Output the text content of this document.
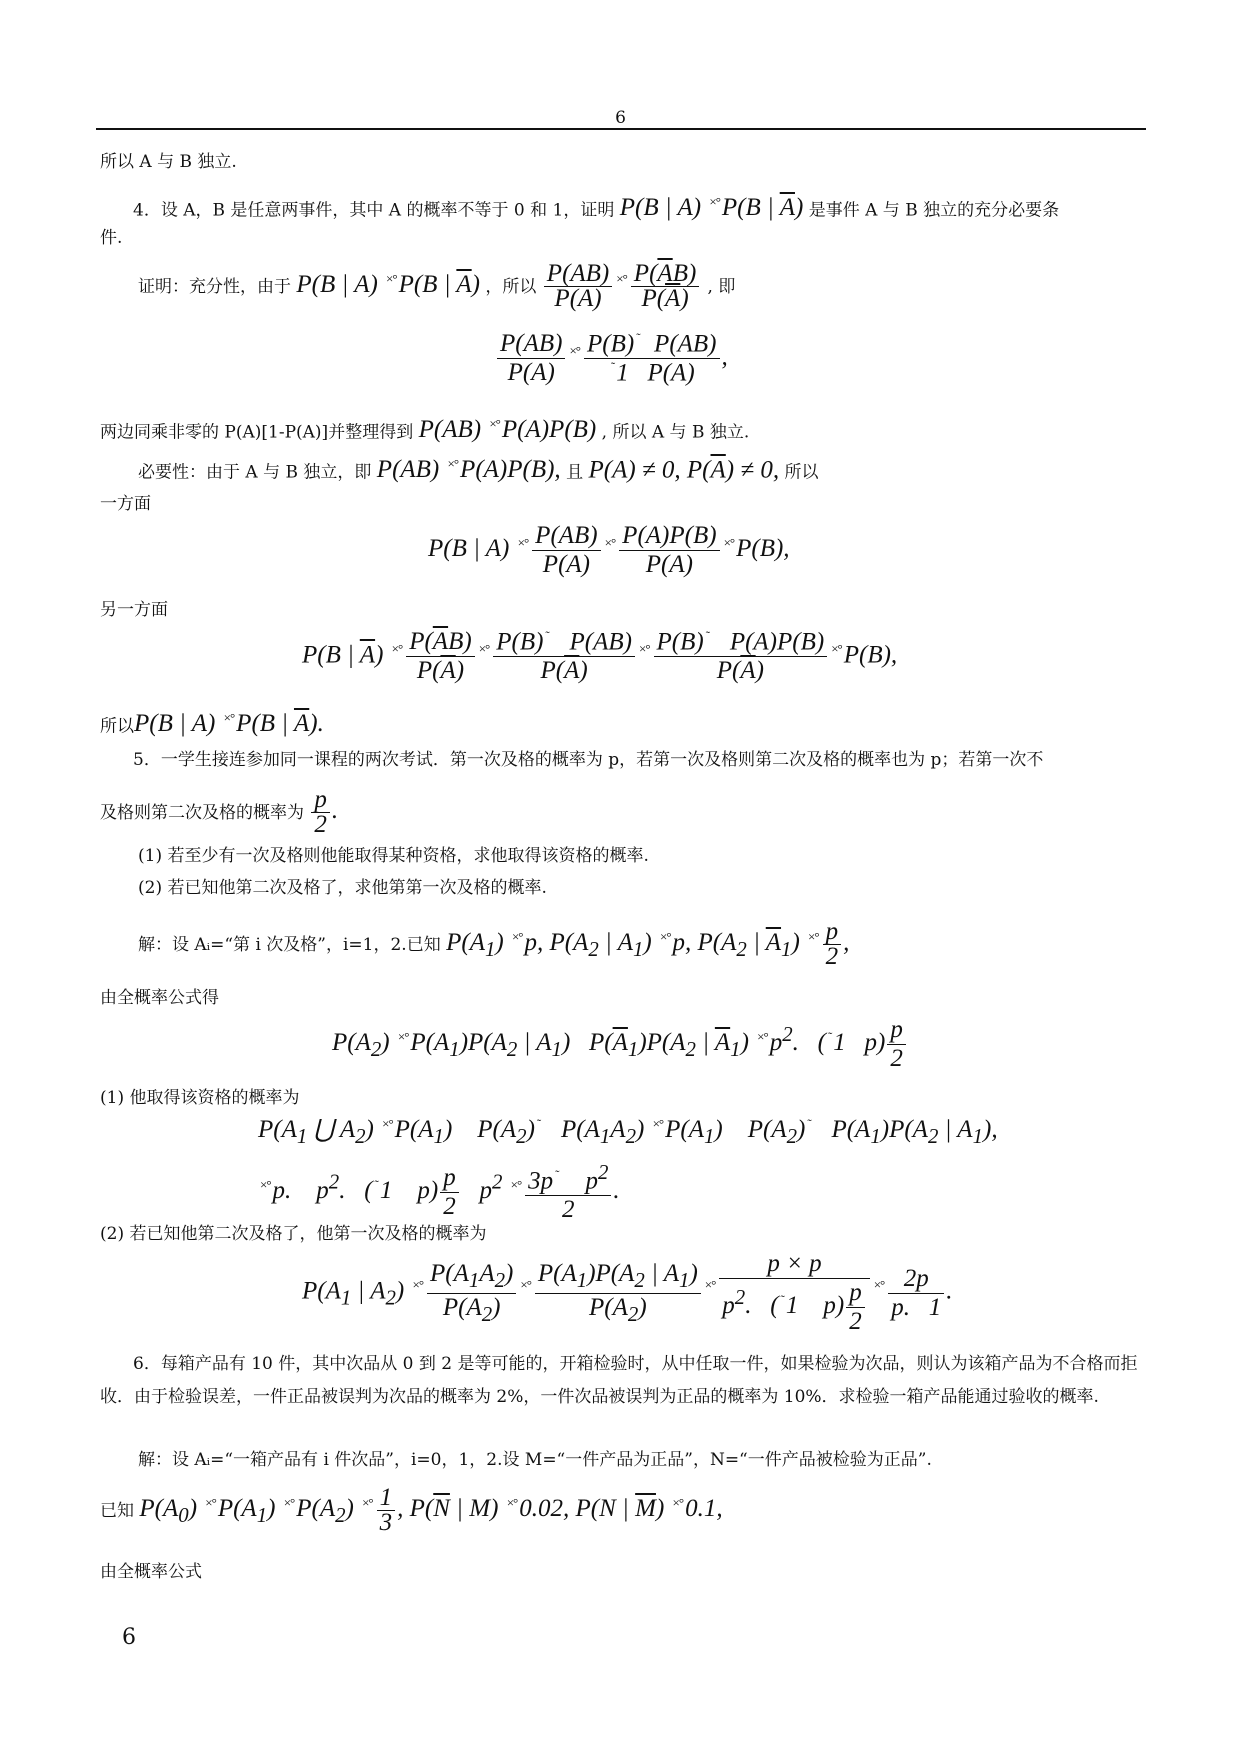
6
所以 A 与 B 独立.
4．设 A，B 是任意两事件，其中 A 的概率不等于 0 和 1，证明 P(B | A) ×°P(B | $\overline{A}$) 是事件 A 与 B 独立的充分必要条
件.
证明：充分性，由于 P(B | A) ×°P(B | $\overline{A}$) ，所以 $\frac{P(AB)}{P(A)} ^{\times^\circ} \frac{P(\overline{A}B)}{P(\overline{A})}$ , 即
$\frac{P(AB)}{P(A)} ^{\times^\circ} \frac{P(B) ^˜ P(AB)}{^˜1 P(A)}$ ,
两边同乘非零的 P(A)[1-P(A)]并整理得到 P(AB) ×°P(A)P(B) , 所以 A 与 B 独立.
必要性：由于 A 与 B 独立，即 P(AB) ×°P(A)P(B), 且 P(A) ≠ 0, $P(\overline{A}) \ne 0$, 所以
一方面
P(B | A) $^{\times^\circ} \frac{P(AB)}{P(A)} ^{\times^\circ} \frac{P(A)P(B)}{P(A)} ^{\times^\circ}P(B)$,
另一方面
P(B | $\overline{A}$) $^{\times^\circ} \frac{P(\overline{A}B)}{P(\overline{A})} ^{\times^\circ} \frac{P(B) ^˜ P(AB)}{P(\overline{A})} ^{\times^\circ} \frac{P(B) ^˜ P(A)P(B)}{P(\overline{A})} ^{\times^\circ}P(B)$,
所以P(B | A) ×°P(B | $\overline{A}$).
5．一学生接连参加同一课程的两次考试．第一次及格的概率为 p，若第一次及格则第二次及格的概率也为 p；若第一次不
及格则第二次及格的概率为 $\frac{p}{2}$ .
(1) 若至少有一次及格则他能取得某种资格，求他取得该资格的概率.
(2) 若已知他第二次及格了，求他第第一次及格的概率.
解：设 Aᵢ=“第 i 次及格”，i=1，2.已知 $P(A_1)$ ×°p, $P(A_2$ | $A_1$) ×°p, $P(A_2$ | $\overline{A}_1$) $^{\times^\circ} \frac{p}{2}$ ,
由全概率公式得
$P(A_2)$ $^{\times^\circ}P(A_1)P(A_2$ | $A_1$)   $P(\overline{A}_1)P(A_2$ | $\overline{A}_1$) $^{\times^\circ}p^2$.   ( ˜1   $p) \frac{p}{2}$
(1) 他取得该资格的概率为
$P(A_1$ ⋃ $A_2$) $^{\times^\circ}P(A_1)$    $P(A_2)$ ˜   $P(A_1A_2)$ $^{\times^\circ}P(A_1)$    $P(A_2)$ ˜   $P(A_1)P(A_2$ | $A_1$),
×°p.    $p^2$.   ( ˜1    $p) \frac{p}{2} p^2$ $^{\times^\circ} \frac{3p ^˜ p^2}{2}$ .
(2) 若已知他第二次及格了，他第一次及格的概率为
$P(A_1$ | $A_2$) $^{\times^\circ} \frac{P(A_1A_2)}{P(A_2)} ^{\times^\circ} \frac{P(A_1)P(A_2 | A_1)}{P(A_2)} ^{\times^\circ} \frac{p \times p}{p^2. ( ^˜1 p) \frac{p}{2}} ^{\times^\circ} \frac{2p}{p. 1}$ .
6．每箱产品有 10 件，其中次品从 0 到 2 是等可能的，开箱检验时，从中任取一件，如果检验为次品，则认为该箱产品为不合格而拒收．由于检验误差，一件正品被误判为次品的概率为 2%，一件次品被误判为正品的概率为 10%．求检验一箱产品能通过验收的概率.
解：设 Aᵢ=“一箱产品有 i 件次品”，i=0，1，2.设 M=“一件产品为正品”，N=“一件产品被检验为正品”.
已知 $P(A_0)$ $^{\times^\circ}P(A_1)$ $^{\times^\circ}P(A_2)$ $^{\times^\circ} \frac{1}{3}$ , $P(\overline{N}$ | M) ×°0.02, P(N | $\overline{M}$) ×°0.1,
由全概率公式
6
